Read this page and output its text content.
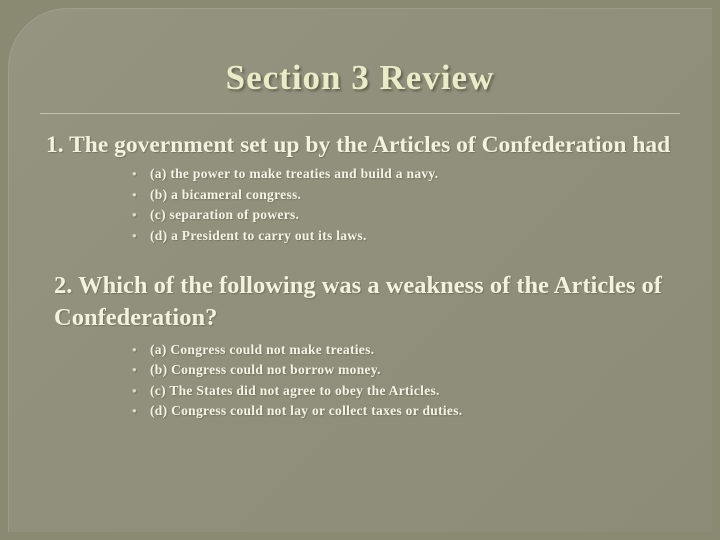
Section 3 Review
1. The government set up by the Articles of Confederation had
• (a) the power to make treaties and build a navy.
• (b) a bicameral congress.
• (c) separation of powers.
• (d) a President to carry out its laws.
2. Which of the following was a weakness of the Articles of Confederation?
• (a) Congress could not make treaties.
• (b) Congress could not borrow money.
• (c) The States did not agree to obey the Articles.
• (d) Congress could not lay or collect taxes or duties.
